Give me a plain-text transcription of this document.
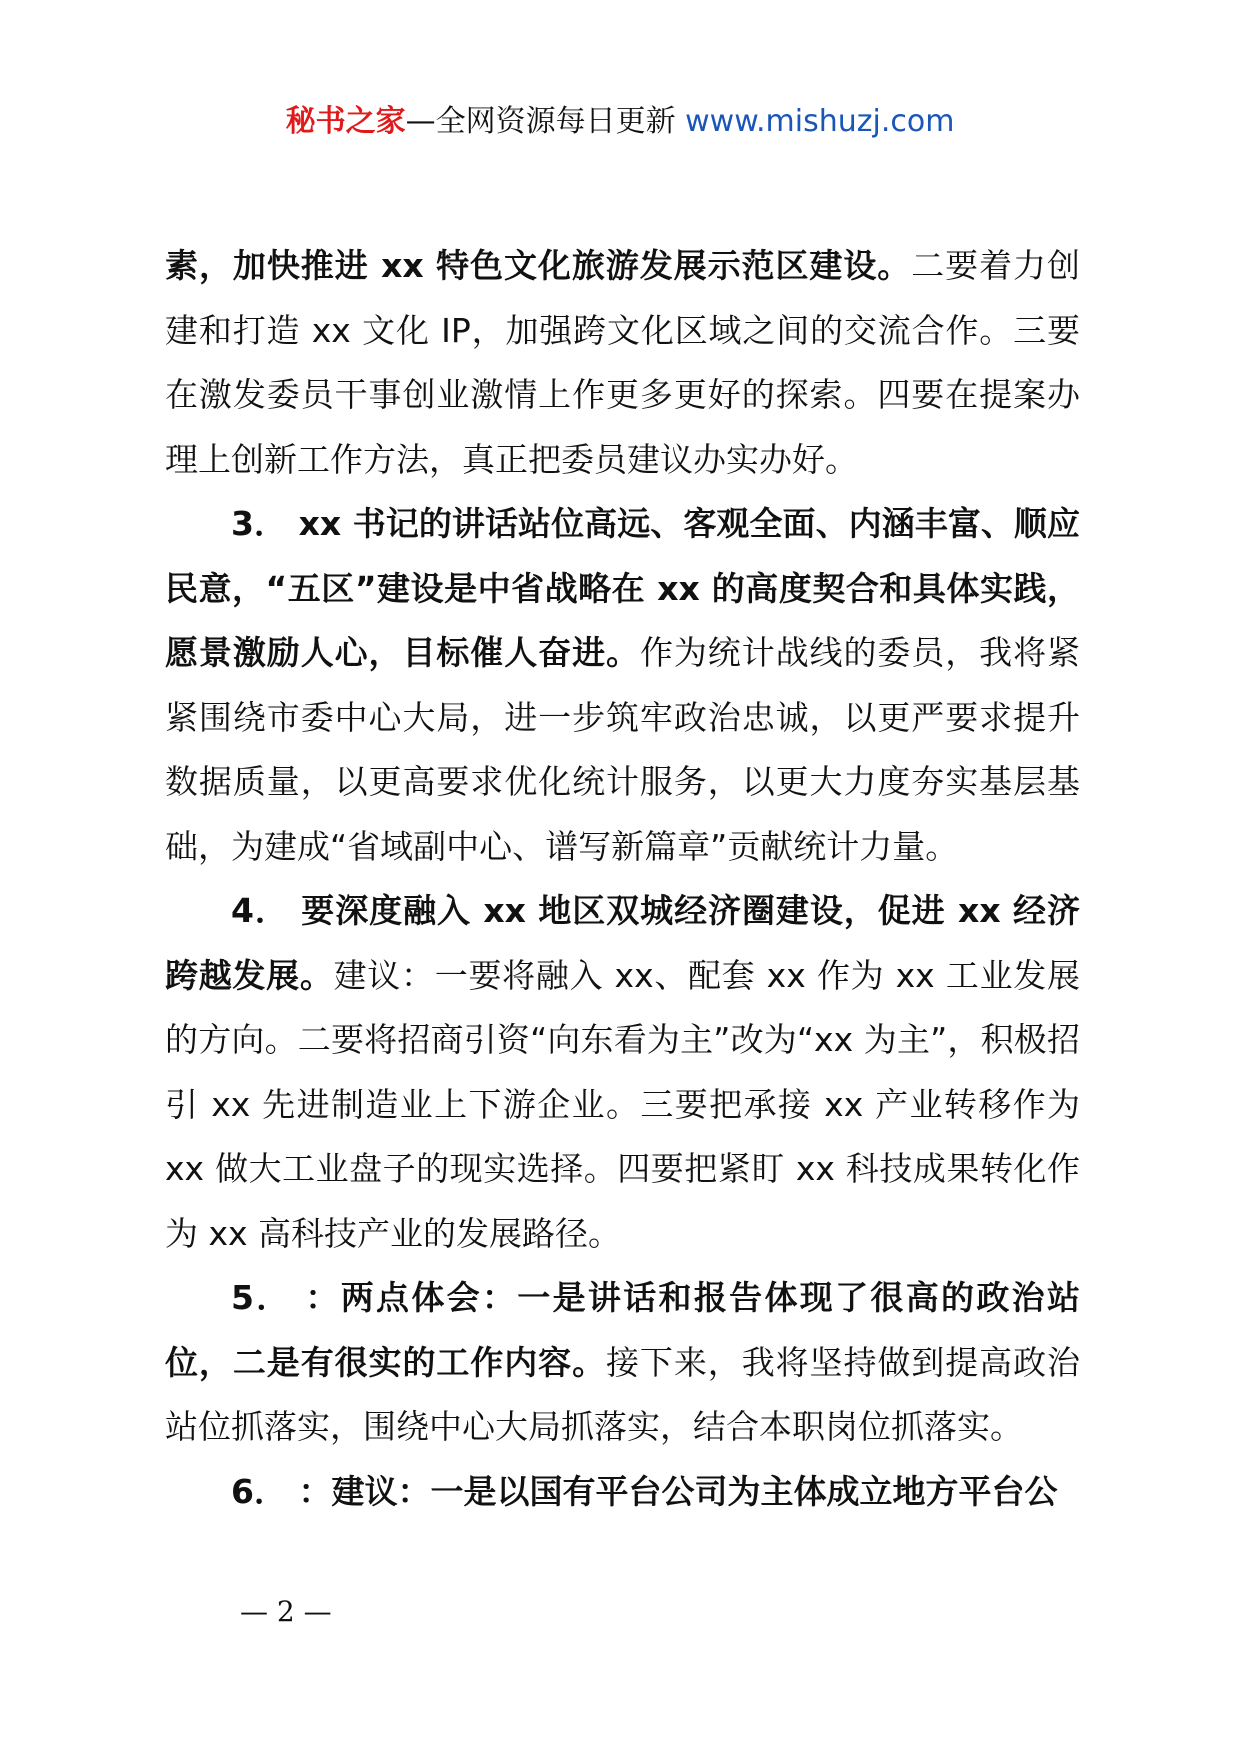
秘书之家—全网资源每日更新 www.mishuzj.com

素，加快推进 xx 特色文化旅游发展示范区建设。二要着力创建和打造 xx 文化 IP，加强跨文化区域之间的交流合作。三要在激发委员干事创业激情上作更多更好的探索。四要在提案办理上创新工作方法，真正把委员建议办实办好。

3． xx 书记的讲话站位高远、客观全面、内涵丰富、顺应民意，“五区”建设是中省战略在 xx 的高度契合和具体实践，愿景激励人心，目标催人奋进。作为统计战线的委员，我将紧紧围绕市委中心大局，进一步筑牢政治忠诚，以更严要求提升数据质量，以更高要求优化统计服务，以更大力度夯实基层基础，为建成“省域副中心、谱写新篇章”贡献统计力量。

4． 要深度融入 xx 地区双城经济圈建设，促进 xx 经济跨越发展。建议：一要将融入 xx、配套 xx 作为 xx 工业发展的方向。二要将招商引资“向东看为主”改为“xx 为主”，积极招引 xx 先进制造业上下游企业。三要把承接 xx 产业转移作为 xx 做大工业盘子的现实选择。四要把紧盯 xx 科技成果转化作为 xx 高科技产业的发展路径。

5． ：两点体会：一是讲话和报告体现了很高的政治站位，二是有很实的工作内容。接下来，我将坚持做到提高政治站位抓落实，围绕中心大局抓落实，结合本职岗位抓落实。

6． ：建议：一是以国有平台公司为主体成立地方平台公

— 2 —
